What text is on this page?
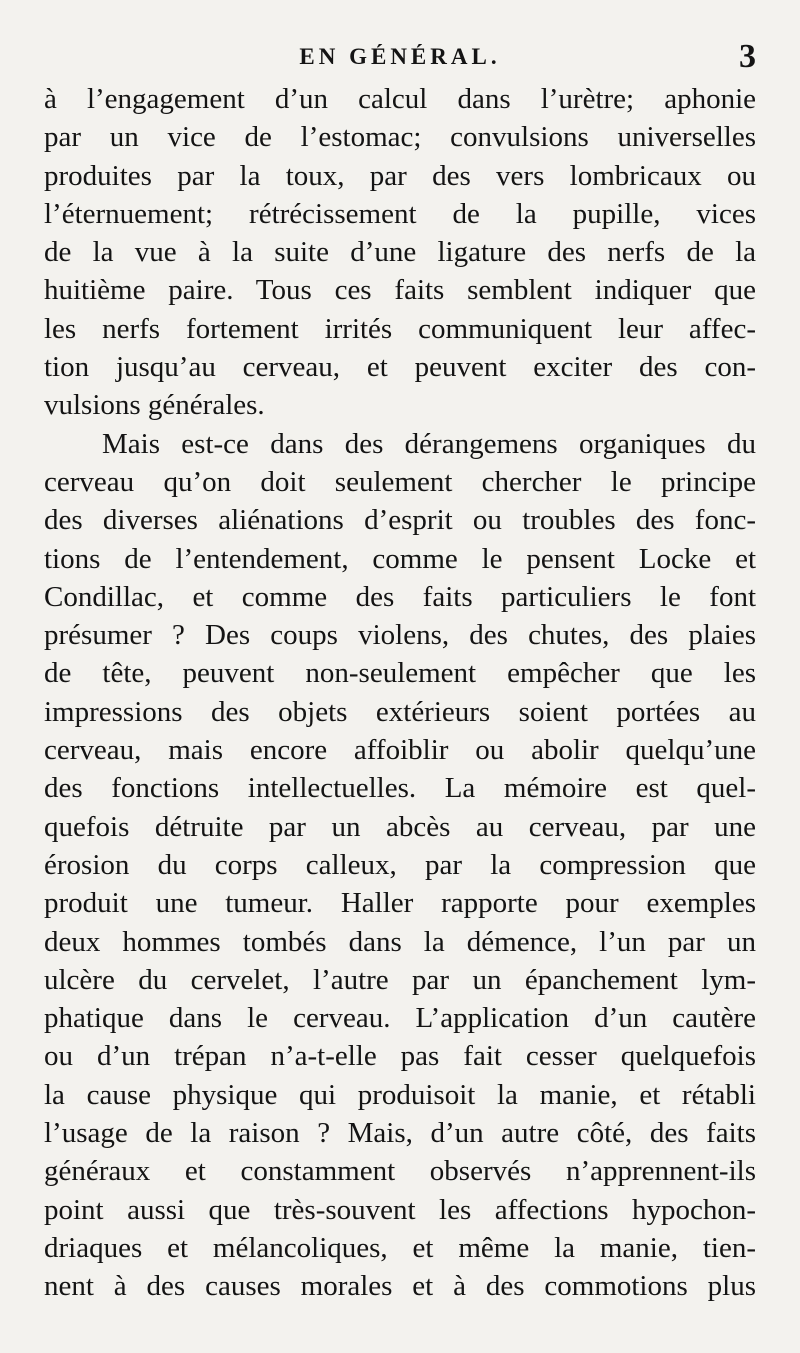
EN GÉNÉRAL.	3
à l’engagement d’un calcul dans l’urètre; aphonie
par un vice de l’estomac; convulsions universelles
produites par la toux, par des vers lombricaux ou
l’éternuement; rétrécissement de la pupille, vices
de la vue à la suite d’une ligature des nerfs de la
huitième paire. Tous ces faits semblent indiquer que
les nerfs fortement irrités communiquent leur affec-
tion jusqu’au cerveau, et peuvent exciter des con-
vulsions générales.
Mais est-ce dans des dérangemens organiques du
cerveau qu’on doit seulement chercher le principe
des diverses aliénations d’esprit ou troubles des fonc-
tions de l’entendement, comme le pensent Locke et
Condillac, et comme des faits particuliers le font
présumer ? Des coups violens, des chutes, des plaies
de tête, peuvent non-seulement empêcher que les
impressions des objets extérieurs soient portées au
cerveau, mais encore affoiblir ou abolir quelqu’une
des fonctions intellectuelles. La mémoire est quel-
quefois détruite par un abcès au cerveau, par une
érosion du corps calleux, par la compression que
produit une tumeur. Haller rapporte pour exemples
deux hommes tombés dans la démence, l’un par un
ulcère du cervelet, l’autre par un épanchement lym-
phatique dans le cerveau. L’application d’un cautère
ou d’un trépan n’a-t-elle pas fait cesser quelquefois
la cause physique qui produisoit la manie, et rétabli
l’usage de la raison ? Mais, d’un autre côté, des faits
généraux et constamment observés n’apprennent-ils
point aussi que très-souvent les affections hypochon-
driaques et mélancoliques, et même la manie, tien-
nent à des causes morales et à des commotions plus
